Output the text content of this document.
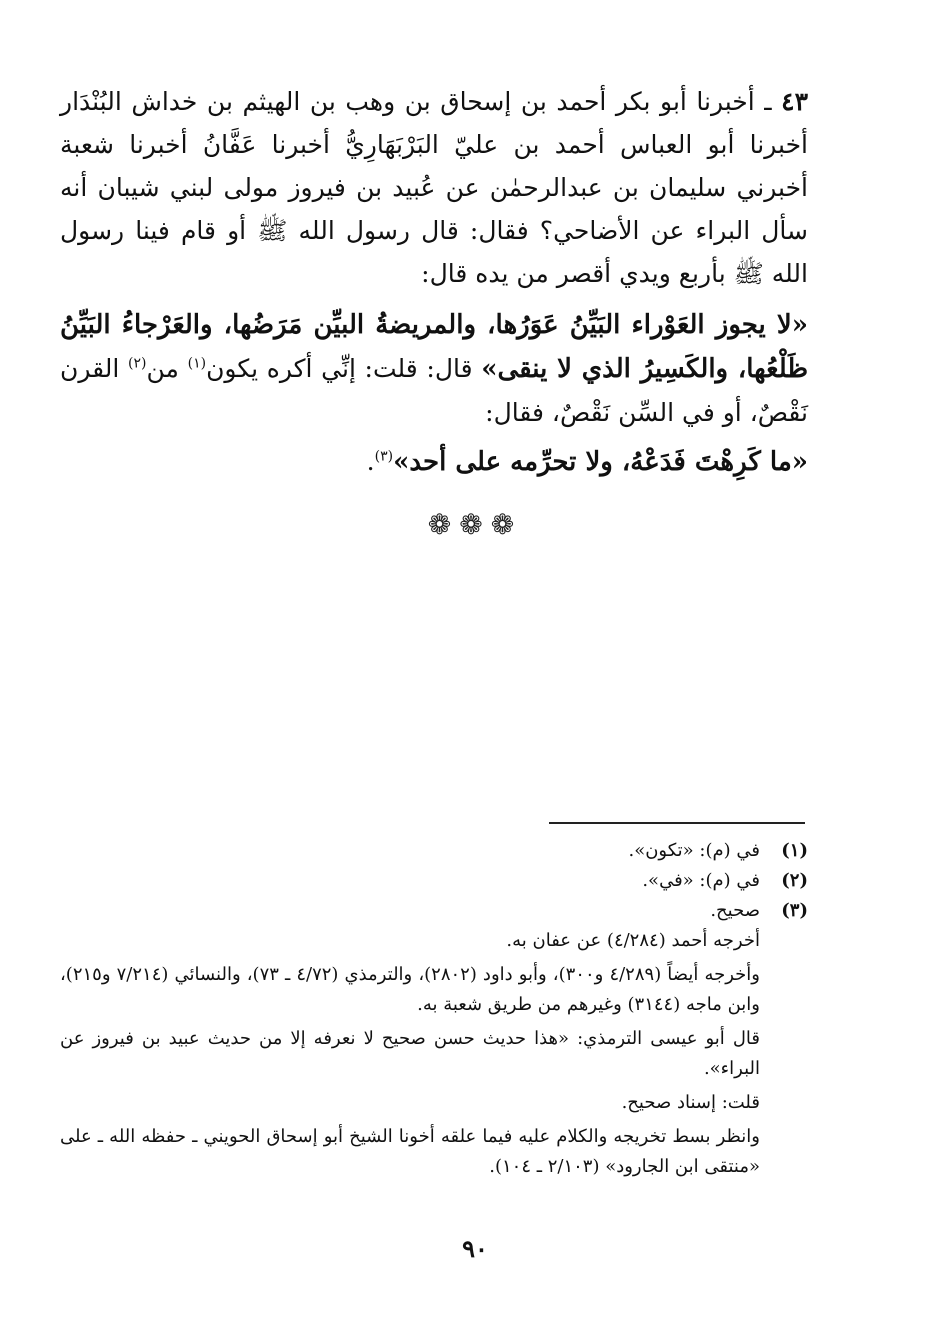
٤٣ ـ أخبرنا أبو بكر أحمد بن إسحاق بن وهب بن الهيثم بن خداش البُنْدَار أخبرنا أبو العباس أحمد بن عليّ البَرْبَهَارِيُّ أخبرنا عَفَّانُ أخبرنا شعبة أخبرني سليمان بن عبدالرحمٰن عن عُبيد بن فيروز مولى لبني شيبان أنه سأل البراء عن الأضاحي؟ فقال: قال رسول الله ﷺ أو قام فينا رسول الله ﷺ بأربع ويدي أقصر من يده قال:

«لا يجوز العَوْراء البَيِّنُ عَوَرُها، والمريضةُ البيِّن مَرَضُها، والعَرْجاءُ البَيِّنُ ظَلْعُها، والكَسِيرُ الذي لا ينقى» قال: قلت: إنِّي أكره يكون$^{(١)}$ من$^{(٢)}$ القرن نَقْصٌ، أو في السِّن نَقْصٌ، فقال:

«ما كَرِهْتَ فَدَعْهُ، ولا تحرِّمه على أحد»$^{(٣)}$.

❁❁❁
(١)
في (م): «تكون».
(٢)
في (م): «في».
(٣)
صحيح.

أخرجه أحمد (٤/٢٨٤) عن عفان به.

وأخرجه أيضاً (٤/٢٨٩ و٣٠٠)، وأبو داود (٢٨٠٢)، والترمذي (٤/٧٢ ـ ٧٣)، والنسائي (٧/٢١٤ و٢١٥)، وابن ماجه (٣١٤٤) وغيرهم من طريق شعبة به.

قال أبو عيسى الترمذي: «هذا حديث حسن صحيح لا نعرفه إلا من حديث عبيد بن فيروز عن البراء».

قلت: إسناد صحيح.

وانظر بسط تخريجه والكلام عليه فيما علقه أخونا الشيخ أبو إسحاق الحويني ـ حفظه الله ـ على «منتقى ابن الجارود» (٢/١٠٣ ـ ١٠٤).

٩٠
